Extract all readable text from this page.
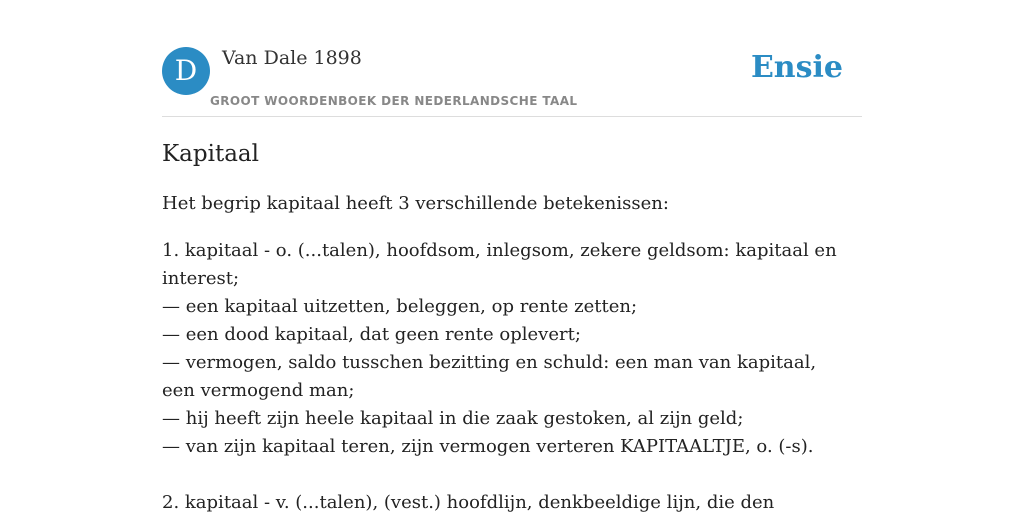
D	Van Dale 1898
GROOT WOORDENBOEK DER NEDERLANDSCHE TAAL
Ensie
Kapitaal

Het begrip kapitaal heeft 3 verschillende betekenissen:

1. kapitaal - o. (...talen), hoofdsom, inlegsom, zekere geldsom: kapitaal en interest;
— een kapitaal uitzetten, beleggen, op rente zetten;
— een dood kapitaal, dat geen rente oplevert;
— vermogen, saldo tusschen bezitting en schuld: een man van kapitaal, een vermogend man;
— hij heeft zijn heele kapitaal in die zaak gestoken, al zijn geld;
— van zijn kapitaal teren, zijn vermogen verteren KAPITAALTJE, o. (-s).
2. kapitaal - v. (...talen), (vest.) hoofdlijn, denkbeeldige lijn, die den
